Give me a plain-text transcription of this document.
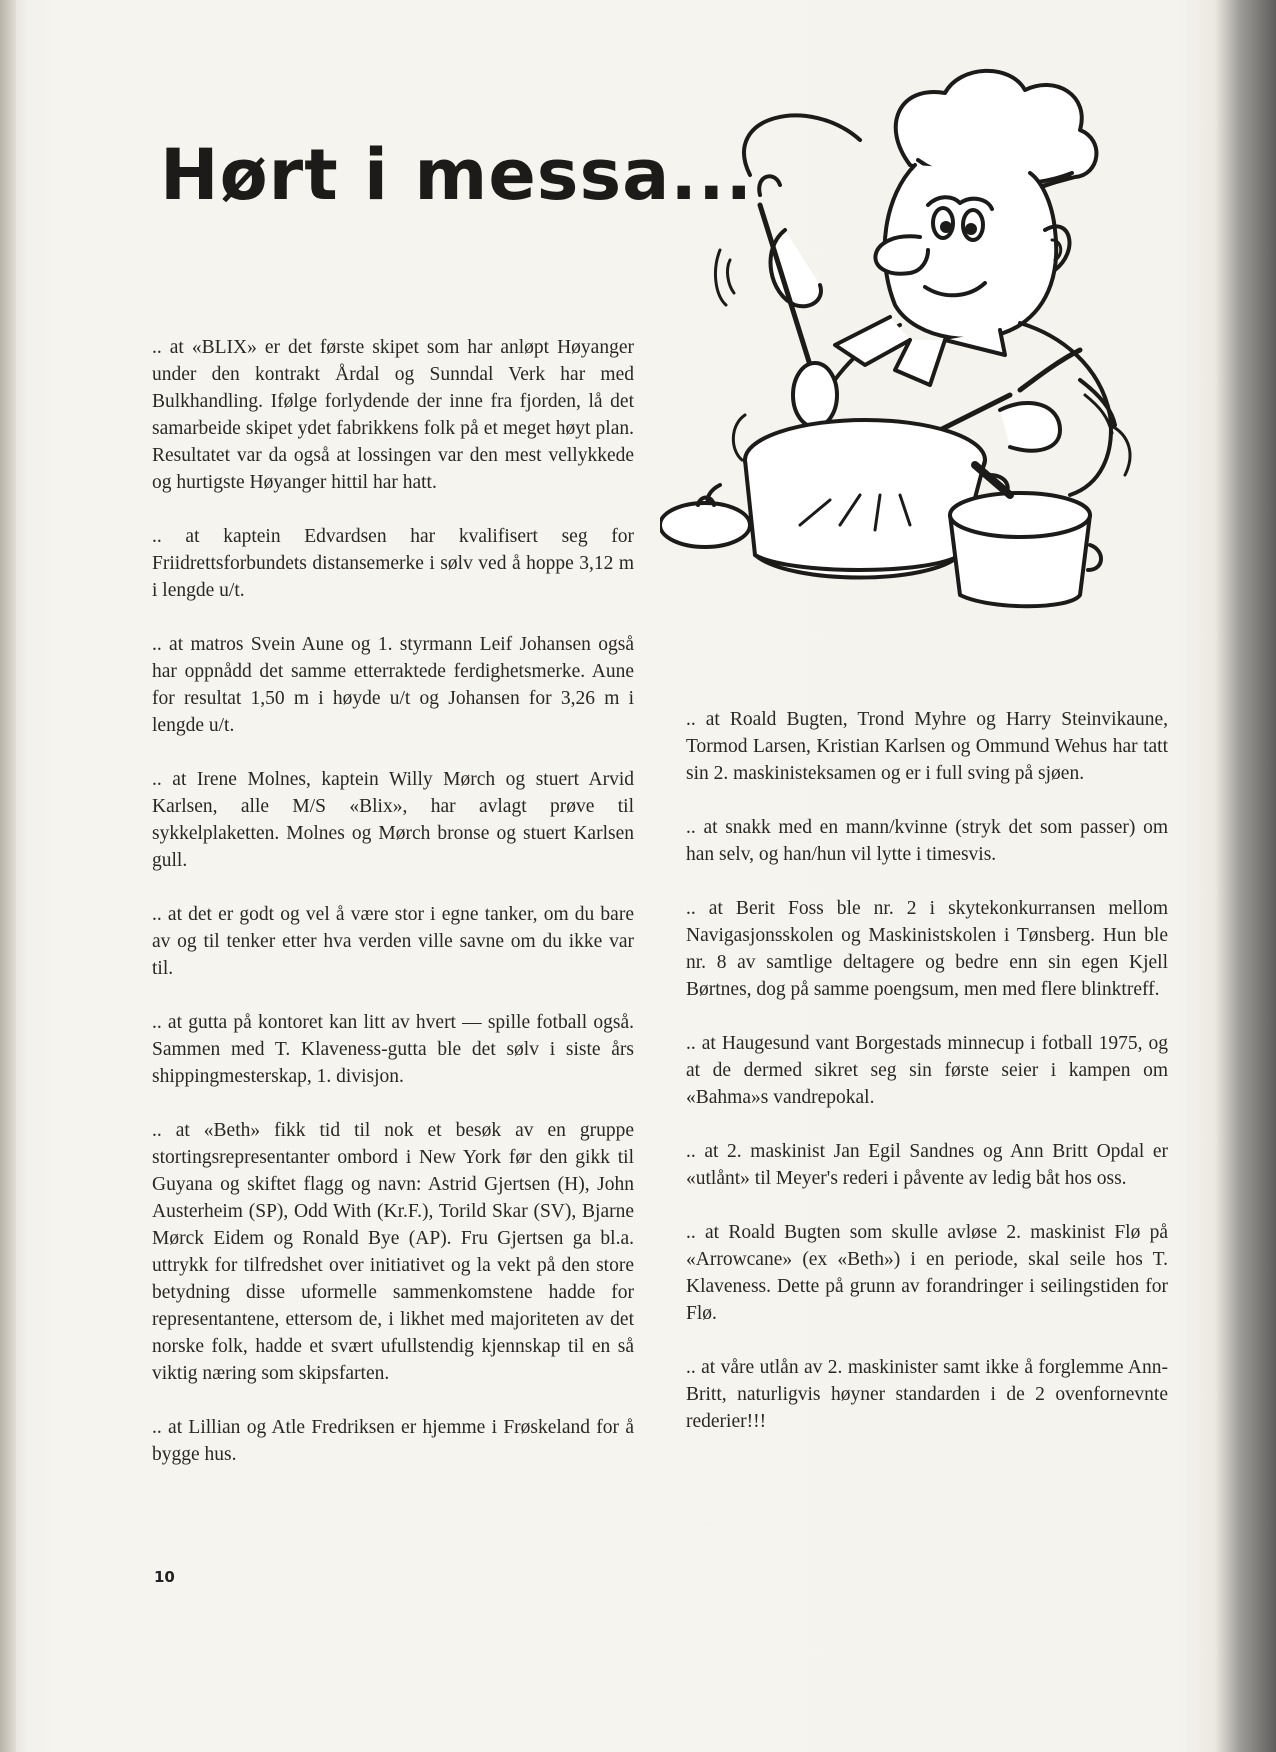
Hørt i messa...

.. at «BLIX» er det første skipet som har anløpt Høyanger under den kontrakt Årdal og Sunndal Verk har med Bulkhandling. Ifølge forlydende der inne fra fjorden, lå det samarbeide skipet ydet fabrikkens folk på et meget høyt plan. Resultatet var da også at lossingen var den mest vellykkede og hurtigste Høyanger hittil har hatt.

.. at kaptein Edvardsen har kvalifisert seg for Friidrettsforbundets distansemerke i sølv ved å hoppe 3,12 m i lengde u/t.

.. at matros Svein Aune og 1. styrmann Leif Johansen også har oppnådd det samme etterraktede ferdighetsmerke. Aune for resultat 1,50 m i høyde u/t og Johansen for 3,26 m i lengde u/t.

.. at Irene Molnes, kaptein Willy Mørch og stuert Arvid Karlsen, alle M/S «Blix», har avlagt prøve til sykkelplaketten. Molnes og Mørch bronse og stuert Karlsen gull.

.. at det er godt og vel å være stor i egne tanker, om du bare av og til tenker etter hva verden ville savne om du ikke var til.

.. at gutta på kontoret kan litt av hvert — spille fotball også. Sammen med T. Klaveness-gutta ble det sølv i siste års shippingmesterskap, 1. divisjon.

.. at «Beth» fikk tid til nok et besøk av en gruppe stortingsrepresentanter ombord i New York før den gikk til Guyana og skiftet flagg og navn: Astrid Gjertsen (H), John Austerheim (SP), Odd With (Kr.F.), Torild Skar (SV), Bjarne Mørck Eidem og Ronald Bye (AP). Fru Gjertsen ga bl.a. uttrykk for tilfredshet over initiativet og la vekt på den store betydning disse uformelle sammenkomstene hadde for representantene, ettersom de, i likhet med majoriteten av det norske folk, hadde et svært ufullstendig kjennskap til en så viktig næring som skipsfarten.

.. at Lillian og Atle Fredriksen er hjemme i Frøskeland for å bygge hus.

.. at Roald Bugten, Trond Myhre og Harry Steinvikaune, Tormod Larsen, Kristian Karlsen og Ommund Wehus har tatt sin 2. maskinisteksamen og er i full sving på sjøen.

.. at snakk med en mann/kvinne (stryk det som passer) om han selv, og han/hun vil lytte i timesvis.

.. at Berit Foss ble nr. 2 i skytekonkurransen mellom Navigasjonsskolen og Maskinistskolen i Tønsberg. Hun ble nr. 8 av samtlige deltagere og bedre enn sin egen Kjell Børtnes, dog på samme poengsum, men med flere blinktreff.

.. at Haugesund vant Borgestads minnecup i fotball 1975, og at de dermed sikret seg sin første seier i kampen om «Bahma»s vandrepokal.

.. at 2. maskinist Jan Egil Sandnes og Ann Britt Opdal er «utlånt» til Meyer's rederi i påvente av ledig båt hos oss.

.. at Roald Bugten som skulle avløse 2. maskinist Flø på «Arrowcane» (ex «Beth») i en periode, skal seile hos T. Klaveness. Dette på grunn av forandringer i seilingstiden for Flø.

.. at våre utlån av 2. maskinister samt ikke å forglemme Ann-Britt, naturligvis høyner standarden i de 2 ovenfornevnte rederier!!!

10
